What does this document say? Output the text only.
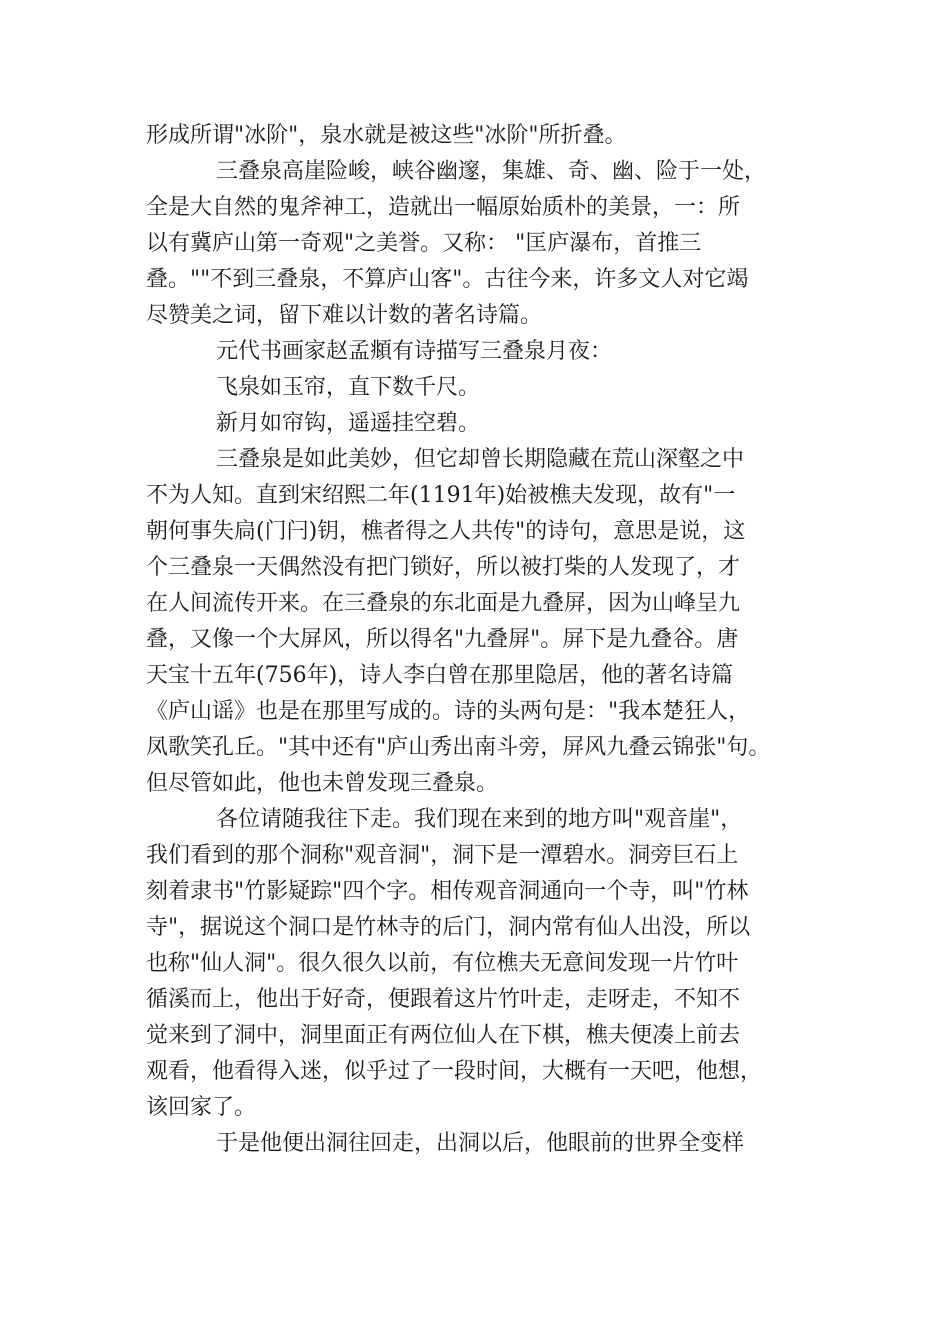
形成所谓"冰阶"，泉水就是被这些"冰阶"所折叠。
三叠泉高崖险峻，峡谷幽邃，集雄、奇、幽、险于一处，
全是大自然的鬼斧神工，造就出一幅原始质朴的美景，一：所
以有冀庐山第一奇观"之美誉。又称： "匡庐瀑布，首推三
叠。""不到三叠泉，不算庐山客"。古往今来，许多文人对它竭
尽赞美之词，留下难以计数的著名诗篇。
元代书画家赵孟頫有诗描写三叠泉月夜：
飞泉如玉帘，直下数千尺。
新月如帘钩，遥遥挂空碧。
三叠泉是如此美妙，但它却曾长期隐藏在荒山深壑之中
不为人知。直到宋绍熙二年(1191年)始被樵夫发现，故有"一
朝何事失扃(门闩)钥，樵者得之人共传"的诗句，意思是说，这
个三叠泉一天偶然没有把门锁好，所以被打柴的人发现了，才
在人间流传开来。在三叠泉的东北面是九叠屏，因为山峰呈九
叠，又像一个大屏风，所以得名"九叠屏"。屏下是九叠谷。唐
天宝十五年(756年)，诗人李白曾在那里隐居，他的著名诗篇
《庐山谣》也是在那里写成的。诗的头两句是："我本楚狂人，
凤歌笑孔丘。"其中还有"庐山秀出南斗旁，屏风九叠云锦张"句。
但尽管如此，他也未曾发现三叠泉。
各位请随我往下走。我们现在来到的地方叫"观音崖"，
我们看到的那个洞称"观音洞"，洞下是一潭碧水。洞旁巨石上
刻着隶书"竹影疑踪"四个字。相传观音洞通向一个寺，叫"竹林
寺"，据说这个洞口是竹林寺的后门，洞内常有仙人出没，所以
也称"仙人洞"。很久很久以前，有位樵夫无意间发现一片竹叶
循溪而上，他出于好奇，便跟着这片竹叶走，走呀走，不知不
觉来到了洞中，洞里面正有两位仙人在下棋，樵夫便凑上前去
观看，他看得入迷，似乎过了一段时间，大概有一天吧，他想，
该回家了。
于是他便出洞往回走，出洞以后，他眼前的世界全变样
